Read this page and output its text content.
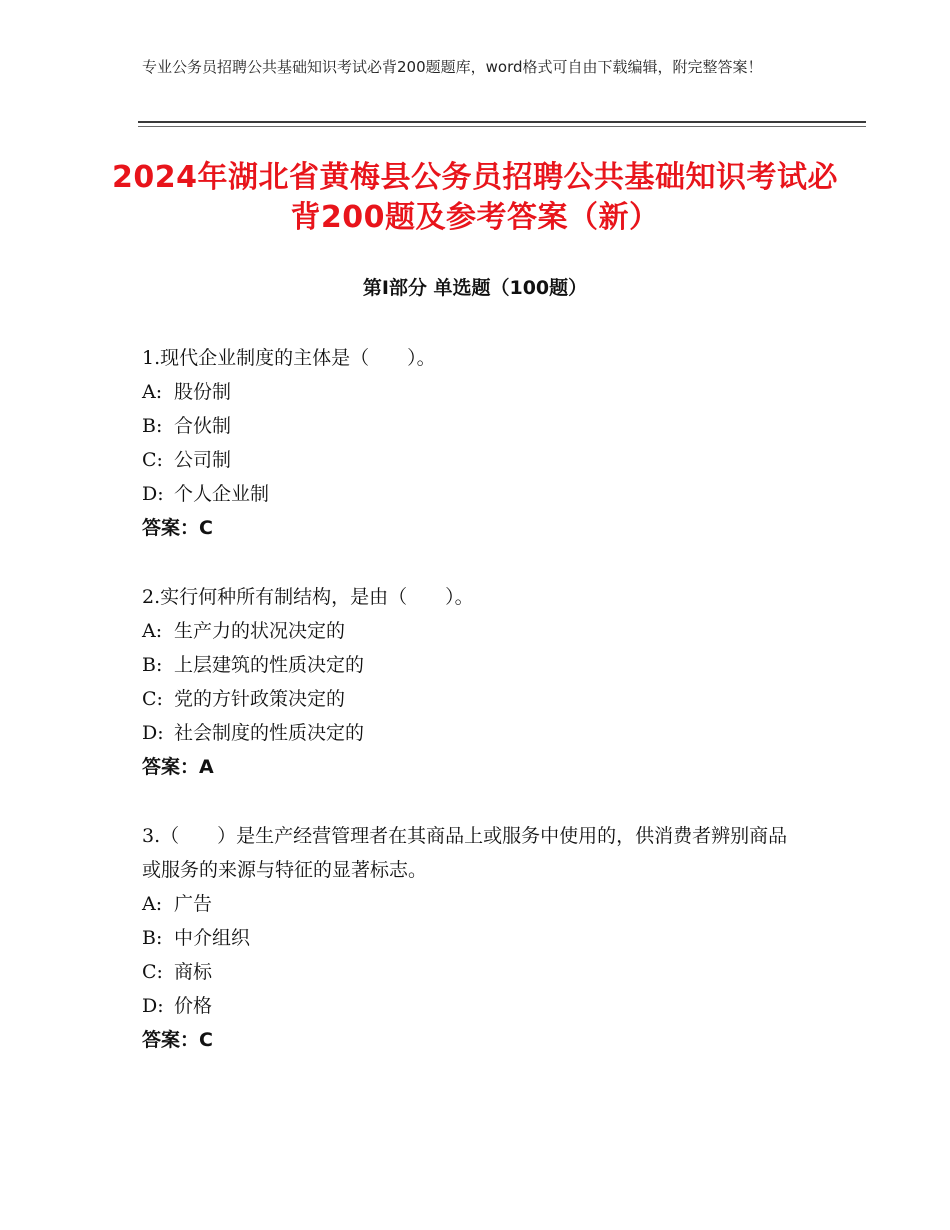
专业公务员招聘公共基础知识考试必背200题题库，word格式可自由下载编辑，附完整答案！
2024年湖北省黄梅县公务员招聘公共基础知识考试必背200题及参考答案（新）
第Ⅰ部分 单选题（100题）

1.现代企业制度的主体是（　　）。

A: 股份制

B: 合伙制

C: 公司制

D: 个人企业制

答案：C

2.实行何种所有制结构，是由（　　）。

A: 生产力的状况决定的

B: 上层建筑的性质决定的

C: 党的方针政策决定的

D: 社会制度的性质决定的

答案：A

3.（　　）是生产经营管理者在其商品上或服务中使用的，供消费者辨别商品或服务的来源与特征的显著标志。

A: 广告

B: 中介组织

C: 商标

D: 价格

答案：C
